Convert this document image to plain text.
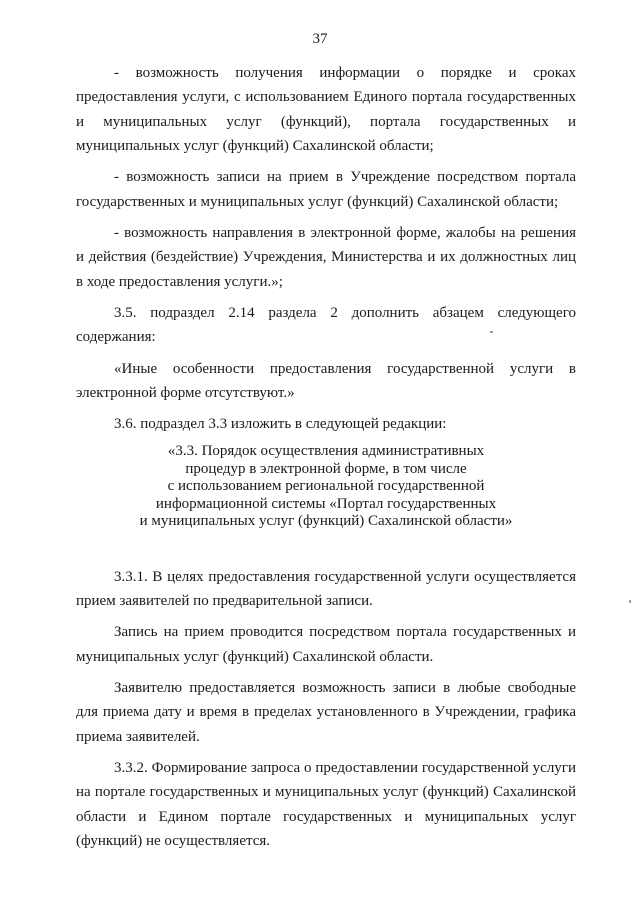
37

- возможность получения информации о порядке и сроках предоставления услуги, с использованием Единого портала государственных и муниципальных услуг (функций), портала государственных и муниципальных услуг (функций) Сахалинской области;

- возможность записи на прием в Учреждение посредством портала государственных и муниципальных услуг (функций) Сахалинской области;

- возможность направления в электронной форме, жалобы на решения и действия (бездействие) Учреждения, Министерства и их должностных лиц в ходе предоставления услуги.»;

3.5. подраздел 2.14 раздела 2 дополнить абзацем следующего содержания:

«Иные особенности предоставления государственной услуги в электронной форме отсутствуют.»

3.6. подраздел 3.3 изложить в следующей редакции:

«3.3. Порядок осуществления административных
процедур в электронной форме, в том числе
с использованием региональной государственной
информационной системы «Портал государственных
и муниципальных услуг (функций) Сахалинской области»

3.3.1. В целях предоставления государственной услуги осуществляется прием заявителей по предварительной записи.

Запись на прием проводится посредством портала государственных и муниципальных услуг (функций) Сахалинской области.

Заявителю предоставляется возможность записи в любые свободные для приема дату и время в пределах установленного в Учреждении, графика приема заявителей.

3.3.2. Формирование запроса о предоставлении государственной услуги на портале государственных и муниципальных услуг (функций) Сахалинской области и Едином портале государственных и муниципальных услуг (функций) не осуществляется.
